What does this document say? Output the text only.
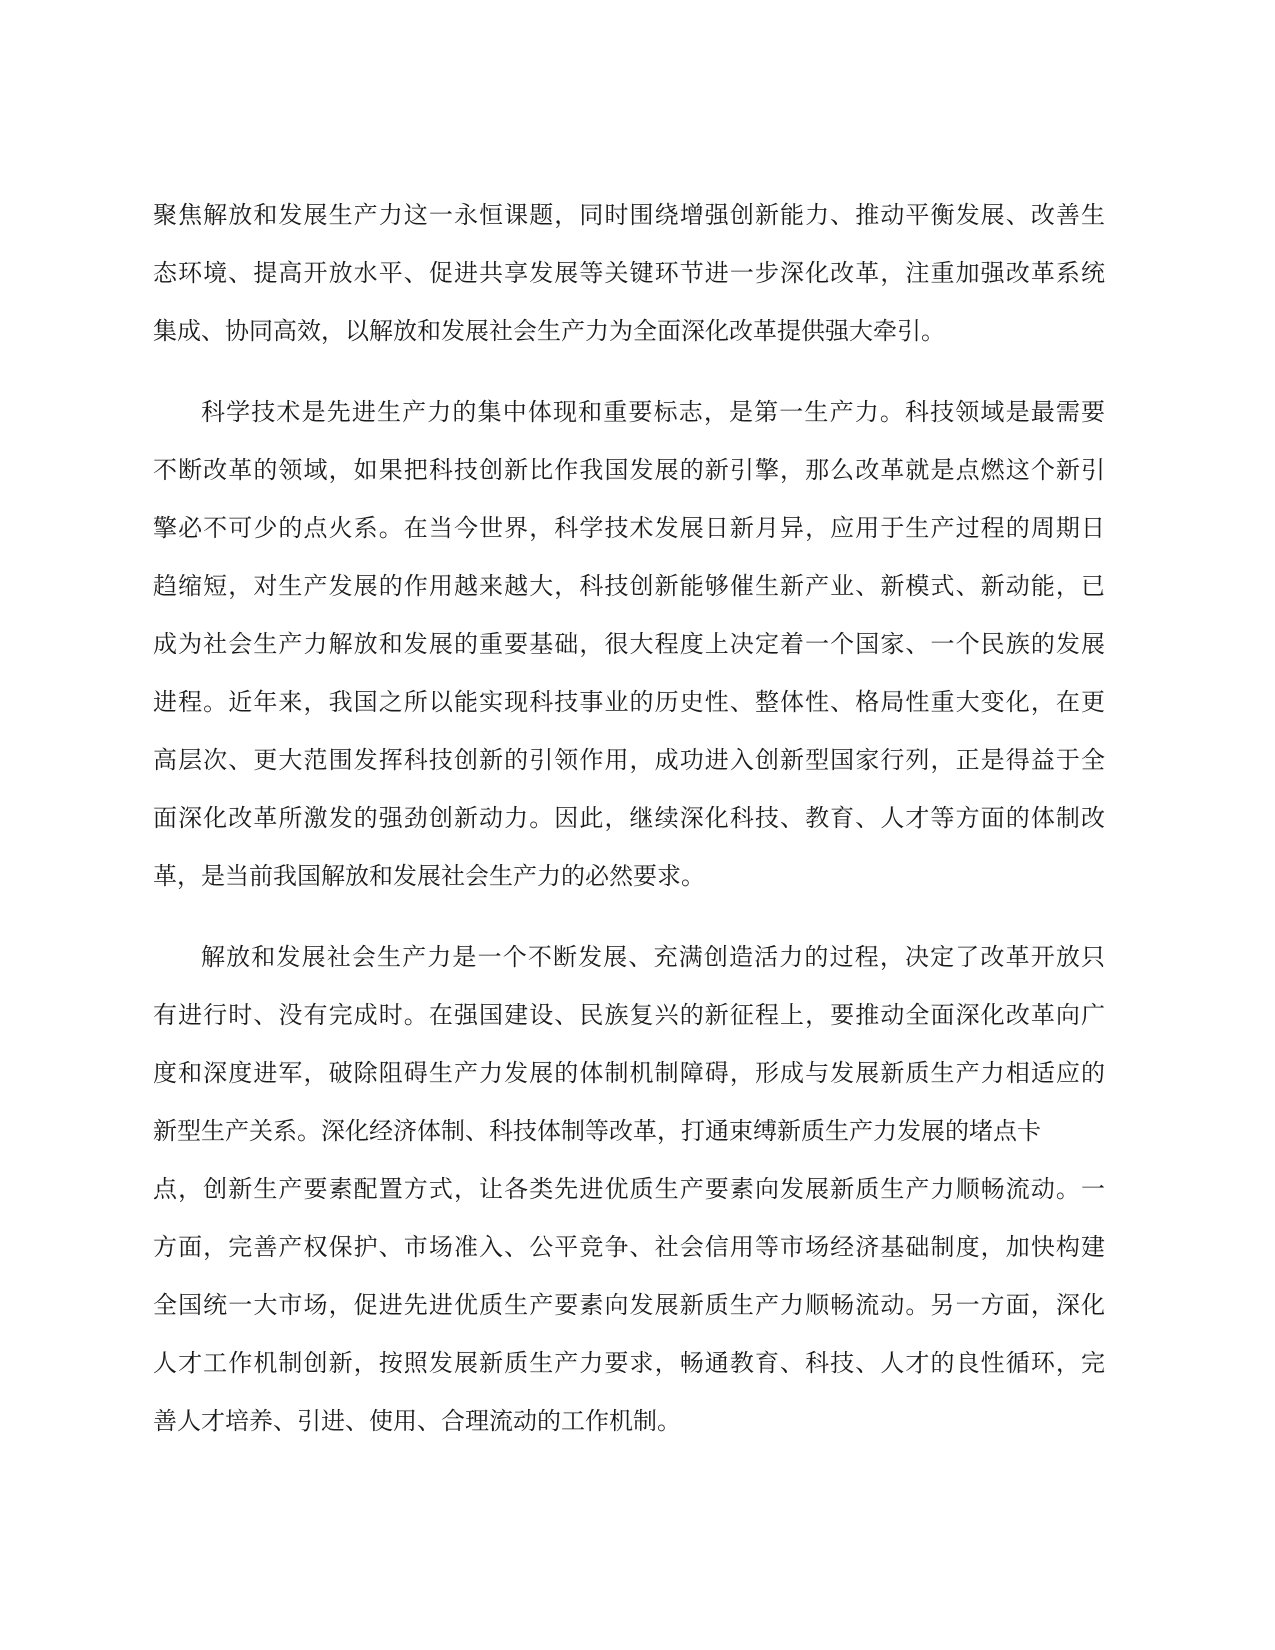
聚焦解放和发展生产力这一永恒课题，同时围绕增强创新能力、推动平衡发展、改善生
态环境、提高开放水平、促进共享发展等关键环节进一步深化改革，注重加强改革系统
集成、协同高效，以解放和发展社会生产力为全面深化改革提供强大牵引。
科学技术是先进生产力的集中体现和重要标志，是第一生产力。科技领域是最需要
不断改革的领域，如果把科技创新比作我国发展的新引擎，那么改革就是点燃这个新引
擎必不可少的点火系。在当今世界，科学技术发展日新月异，应用于生产过程的周期日
趋缩短，对生产发展的作用越来越大，科技创新能够催生新产业、新模式、新动能，已
成为社会生产力解放和发展的重要基础，很大程度上决定着一个国家、一个民族的发展
进程。近年来，我国之所以能实现科技事业的历史性、整体性、格局性重大变化，在更
高层次、更大范围发挥科技创新的引领作用，成功进入创新型国家行列，正是得益于全
面深化改革所激发的强劲创新动力。因此，继续深化科技、教育、人才等方面的体制改
革，是当前我国解放和发展社会生产力的必然要求。
解放和发展社会生产力是一个不断发展、充满创造活力的过程，决定了改革开放只
有进行时、没有完成时。在强国建设、民族复兴的新征程上，要推动全面深化改革向广
度和深度进军，破除阻碍生产力发展的体制机制障碍，形成与发展新质生产力相适应的
新型生产关系。深化经济体制、科技体制等改革，打通束缚新质生产力发展的堵点卡
点，创新生产要素配置方式，让各类先进优质生产要素向发展新质生产力顺畅流动。一
方面，完善产权保护、市场准入、公平竞争、社会信用等市场经济基础制度，加快构建
全国统一大市场，促进先进优质生产要素向发展新质生产力顺畅流动。另一方面，深化
人才工作机制创新，按照发展新质生产力要求，畅通教育、科技、人才的良性循环，完
善人才培养、引进、使用、合理流动的工作机制。
